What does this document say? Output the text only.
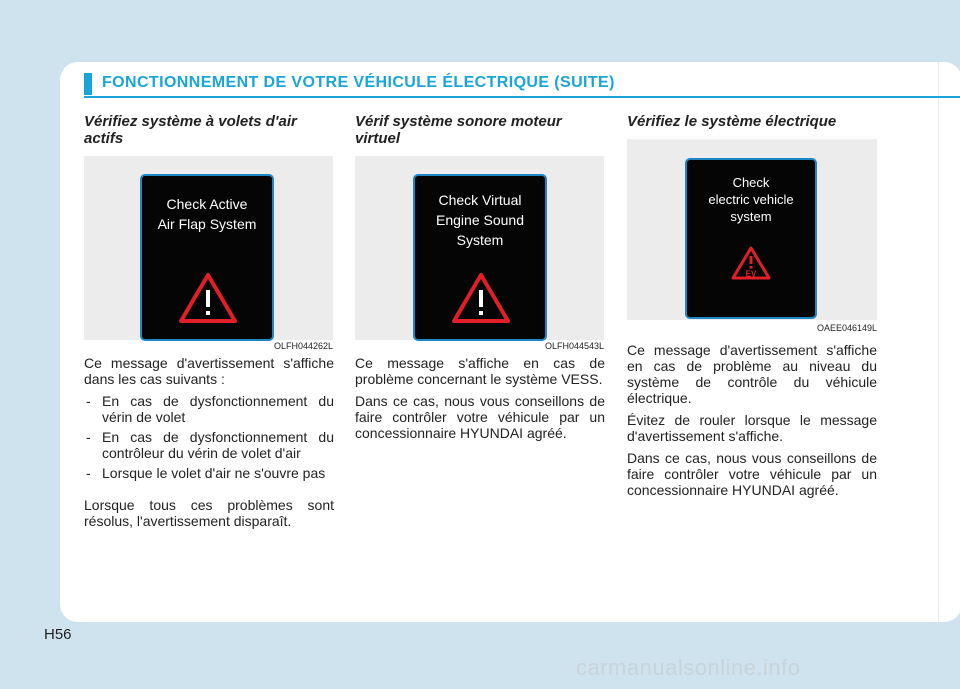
FONCTIONNEMENT DE VOTRE VÉHICULE ÉLECTRIQUE (SUITE)
Vérifiez système à volets d'air actifs
Check Active
Air Flap System
OLFH044262L

Ce message d'avertissement s'affiche dans les cas suivants :

- En cas de dysfonctionnement du vérin de volet
- En cas de dysfonctionnement du contrôleur du vérin de volet d'air
- Lorsque le volet d'air ne s'ouvre pas

Lorsque tous ces problèmes sont résolus, l'avertissement disparaît.

Vérif système sonore moteur virtuel
Check Virtual
Engine Sound
System
OLFH044543L

Ce message s'affiche en cas de problème concernant le système VESS.

Dans ce cas, nous vous conseillons de faire contrôler votre véhicule par un concessionnaire HYUNDAI agréé.

Vérifiez le système électrique
Check
electric vehicle
system
EV
OAEE046149L

Ce message d'avertissement s'affiche en cas de problème au niveau du système de contrôle du véhicule électrique.

Évitez de rouler lorsque le message d'avertissement s'affiche.

Dans ce cas, nous vous conseillons de faire contrôler votre véhicule par un concessionnaire HYUNDAI agréé.

H56
carmanualsonline.info
